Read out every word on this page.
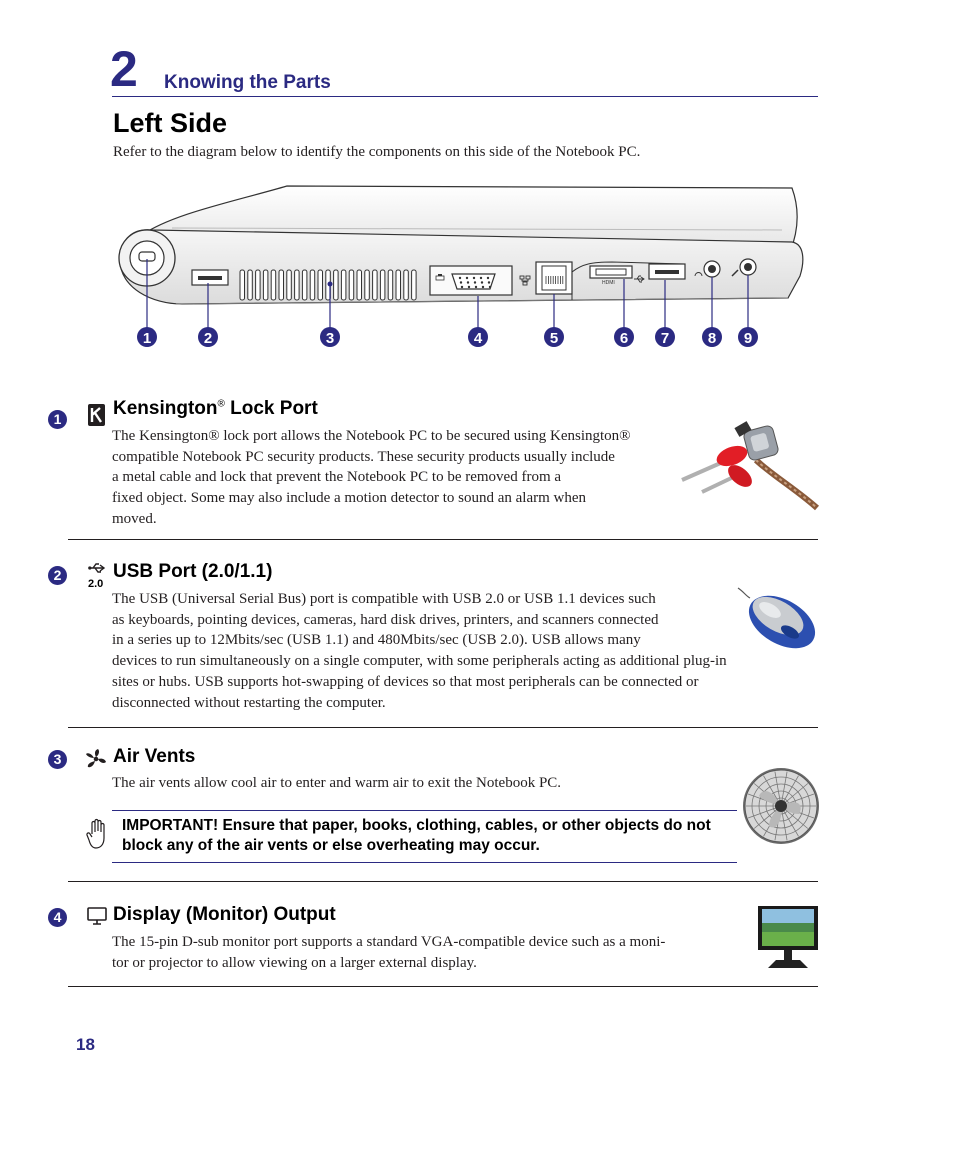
2 Knowing the Parts
Left Side
Refer to the diagram below to identify the components on this side of the Notebook PC.
HDMI
1	2	3	4	5	6 7	8 9
1	Kensington® Lock Port
The Kensington® lock port allows the Notebook PC to be secured using Kensington®
compatible Notebook PC security products. These security products usually include
a metal cable and lock that prevent the Notebook PC to be removed from a
fixed object. Some may also include a motion detector to sound an alarm when
moved.
2
2.0
USB Port (2.0/1.1)
The USB (Universal Serial Bus) port is compatible with USB 2.0 or USB 1.1 devices such
as keyboards, pointing devices, cameras, hard disk drives, printers, and scanners connected
in a series up to 12Mbits/sec (USB 1.1) and 480Mbits/sec (USB 2.0). USB allows many
devices to run simultaneously on a single computer, with some peripherals acting as additional plug-in
sites or hubs. USB supports hot-swapping of devices so that most peripherals can be connected or
disconnected without restarting the computer.
3	Air Vents
The air vents allow cool air to enter and warm air to exit the Notebook PC.
IMPORTANT! Ensure that paper, books, clothing, cables, or other objects do not block any of the air vents or else overheating may occur.
4	Display (Monitor) Output
The 15-pin D-sub monitor port supports a standard VGA-compatible device such as a moni-
tor or projector to allow viewing on a larger external display.
18
